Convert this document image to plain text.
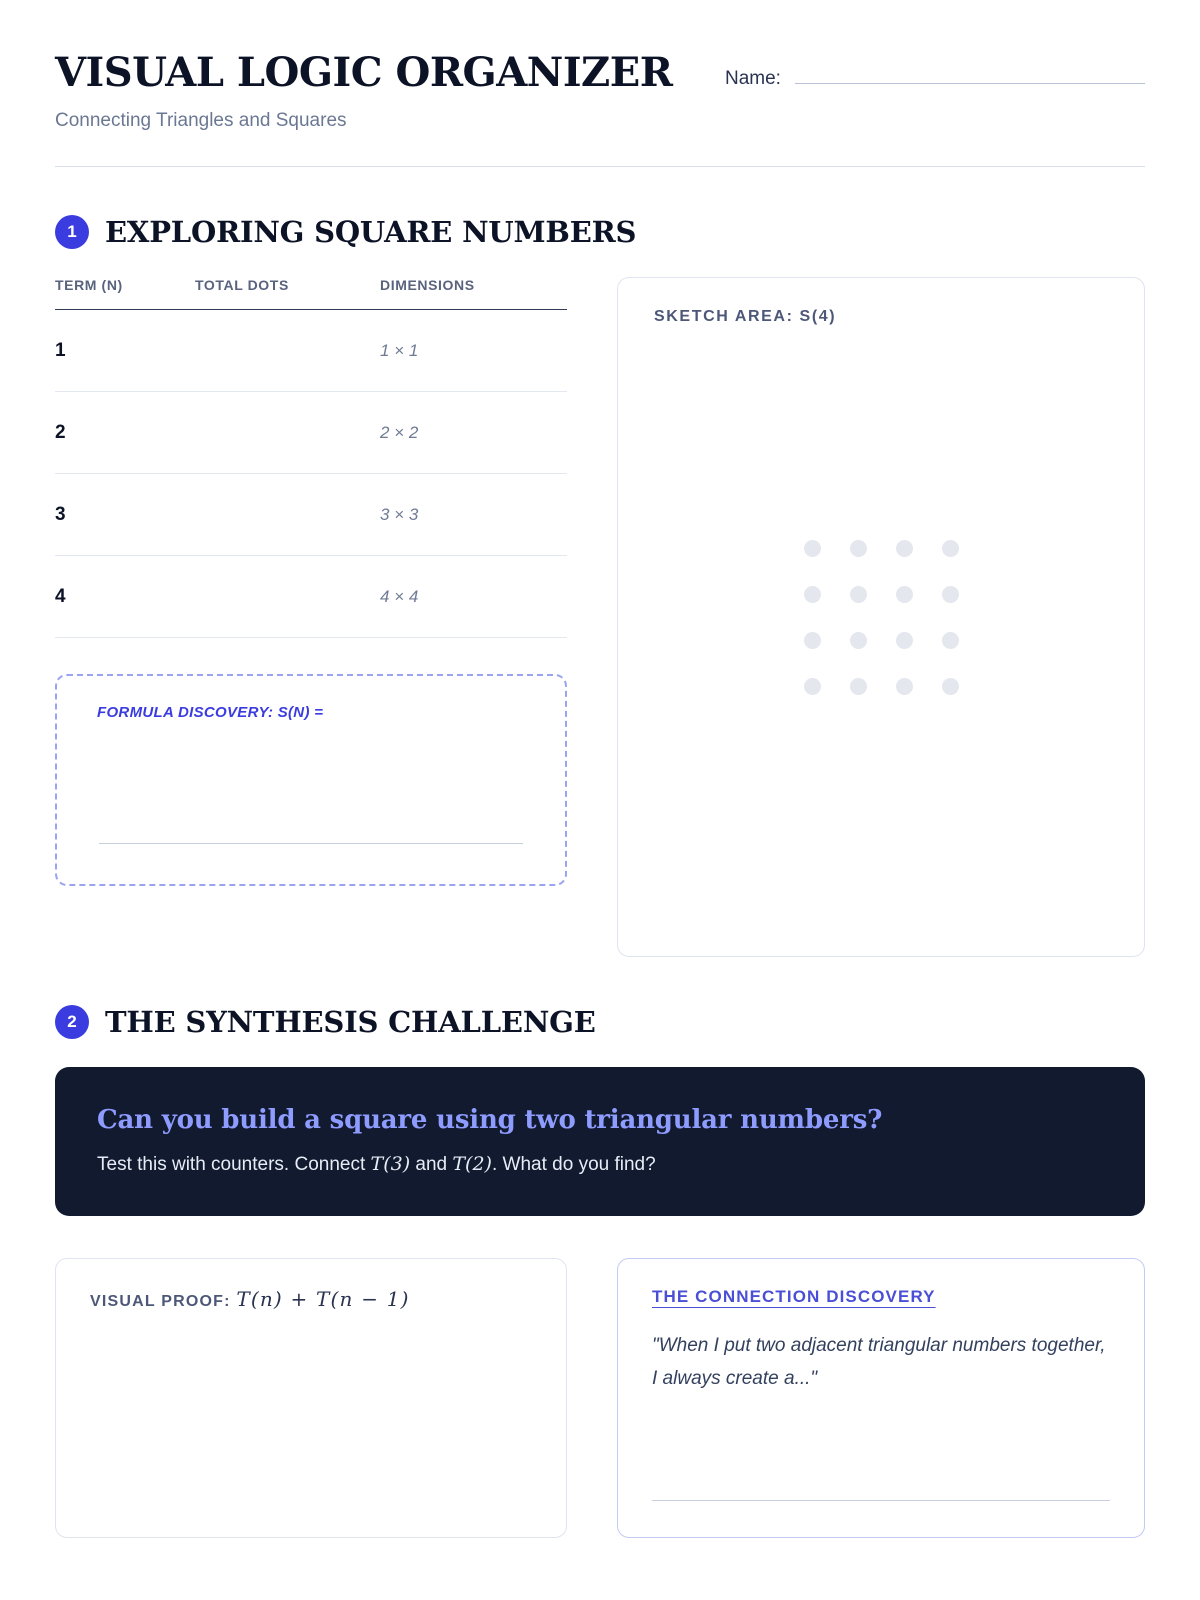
VISUAL LOGIC ORGANIZER
Connecting Triangles and Squares
Name:
1 EXPLORING SQUARE NUMBERS
TERM (N)	TOTAL DOTS	DIMENSIONS
1		1 × 1
2		2 × 2
3		3 × 3
4		4 × 4
FORMULA DISCOVERY: S(N) =
SKETCH AREA: S(4)
2 THE SYNTHESIS CHALLENGE
Can you build a square using two triangular numbers?
Test this with counters. Connect T(3) and T(2). What do you find?
VISUAL PROOF: T(n) + T(n − 1)	THE CONNECTION DISCOVERY
"When I put two adjacent triangular numbers together, I always create a..."
